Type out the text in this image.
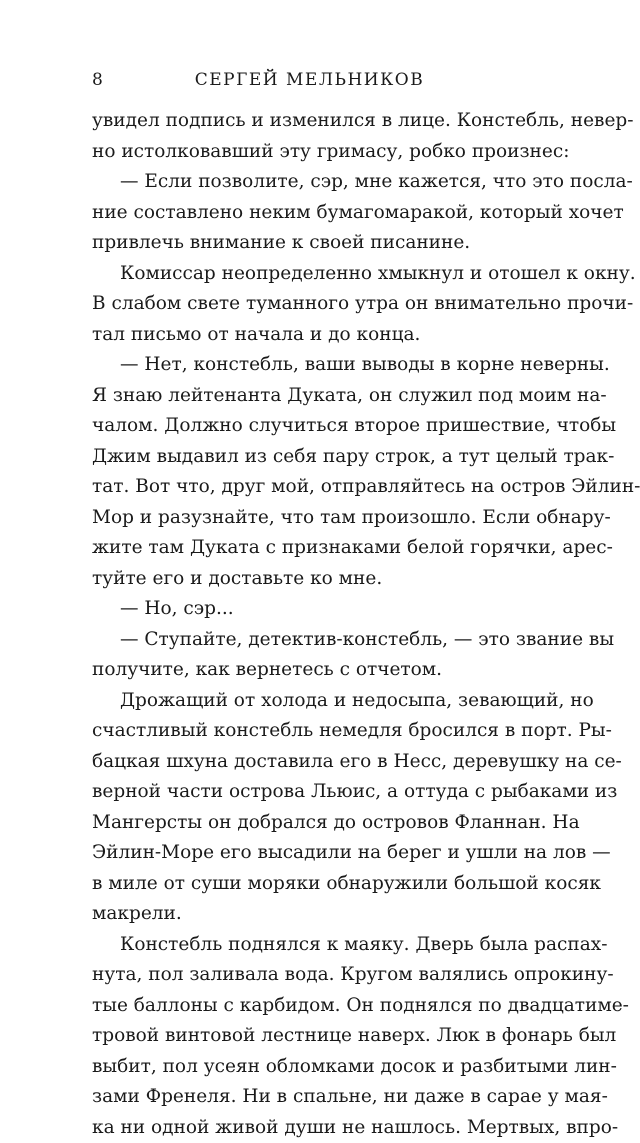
8	СЕРГЕЙ МЕЛЬНИКОВ
увидел подпись и изменился в лице. Констебль, невер-
но истолковавший эту гримасу, робко произнес:
— Если позволите, сэр, мне кажется, что это посла-
ние составлено неким бумагомаракой, который хочет
привлечь внимание к своей писанине.
Комиссар неопределенно хмыкнул и отошел к окну.
В слабом свете туманного утра он внимательно прочи-
тал письмо от начала и до конца.
— Нет, констебль, ваши выводы в корне неверны.
Я знаю лейтенанта Дуката, он служил под моим на-
чалом. Должно случиться второе пришествие, чтобы
Джим выдавил из себя пару строк, а тут целый трак-
тат. Вот что, друг мой, отправляйтесь на остров Эйлин-
Мор и разузнайте, что там произошло. Если обнару-
жите там Дуката с признаками белой горячки, арес-
туйте его и доставьте ко мне.
— Но, сэр...
— Ступайте, детектив-констебль, — это звание вы
получите, как вернетесь с отчетом.
Дрожащий от холода и недосыпа, зевающий, но
счастливый констебль немедля бросился в порт. Ры-
бацкая шхуна доставила его в Несс, деревушку на се-
верной части острова Льюис, а оттуда с рыбаками из
Мангерсты он добрался до островов Фланнан. На
Эйлин-Море его высадили на берег и ушли на лов —
в миле от суши моряки обнаружили большой косяк
макрели.
Констебль поднялся к маяку. Дверь была распах-
нута, пол заливала вода. Кругом валялись опрокину-
тые баллоны с карбидом. Он поднялся по двадцатиме-
тровой винтовой лестнице наверх. Люк в фонарь был
выбит, пол усеян обломками досок и разбитыми лин-
зами Френеля. Ни в спальне, ни даже в сарае у мая-
ка ни одной живой души не нашлось. Мертвых, впро-
